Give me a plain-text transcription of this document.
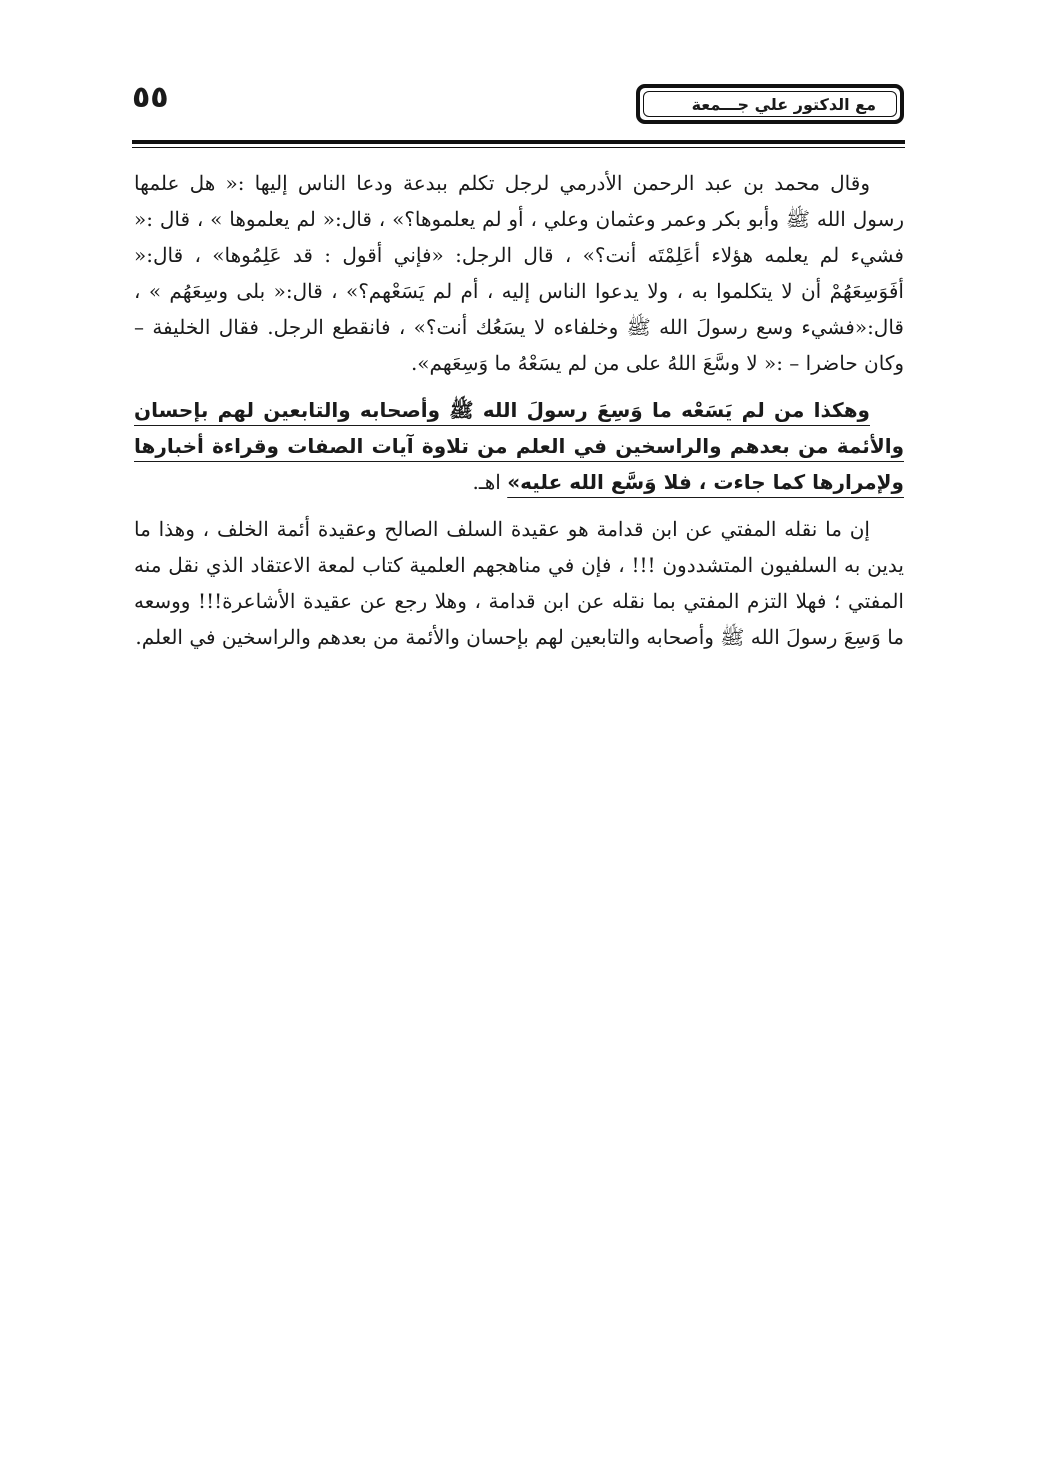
٥٥	مع الدكتور علي جـــمعة

وقال محمد بن عبد الرحمن الأدرمي لرجل تكلم ببدعة ودعا الناس إليها :« هل علمها رسول الله ﷺ وأبو بكر وعمر وعثمان وعلي ، أو لم يعلموها؟» ، قال:« لم يعلموها » ، قال :« فشيء لم يعلمه هؤلاء أعَلِمْتَه أنت؟» ، قال الرجل: «فإني أقول : قد عَلِمُوها» ، قال:« أفَوَسِعَهُمْ أن لا يتكلموا به ، ولا يدعوا الناس إليه ، أم لم يَسَعْهم؟» ، قال:« بلى وسِعَهُم » ، قال:«فشيء وسع رسولَ الله ﷺ وخلفاءه لا يسَعُك أنت؟» ، فانقطع الرجل. فقال الخليفة – وكان حاضرا – :« لا وسَّعَ اللهُ على من لم يسَعْهُ ما وَسِعَهم».

وهكذا من لم يَسَعْه ما وَسِعَ رسولَ الله ﷺ وأصحابه والتابعين لهم بإحسان والأئمة من بعدهم والراسخين في العلم من تلاوة آيات الصفات وقراءة أخبارها ولإمرارها كما جاءت ، فلا وَسَّع الله عليه» اهـ.

إن ما نقله المفتي عن ابن قدامة هو عقيدة السلف الصالح وعقيدة أئمة الخلف ، وهذا ما يدين به السلفيون المتشددون !!! ، فإن في مناهجهم العلمية كتاب لمعة الاعتقاد الذي نقل منه المفتي ؛ فهلا التزم المفتي بما نقله عن ابن قدامة ، وهلا رجع عن عقيدة الأشاعرة!!! ووسعه ما وَسِعَ رسولَ الله ﷺ وأصحابه والتابعين لهم بإحسان والأئمة من بعدهم والراسخين في العلم.
